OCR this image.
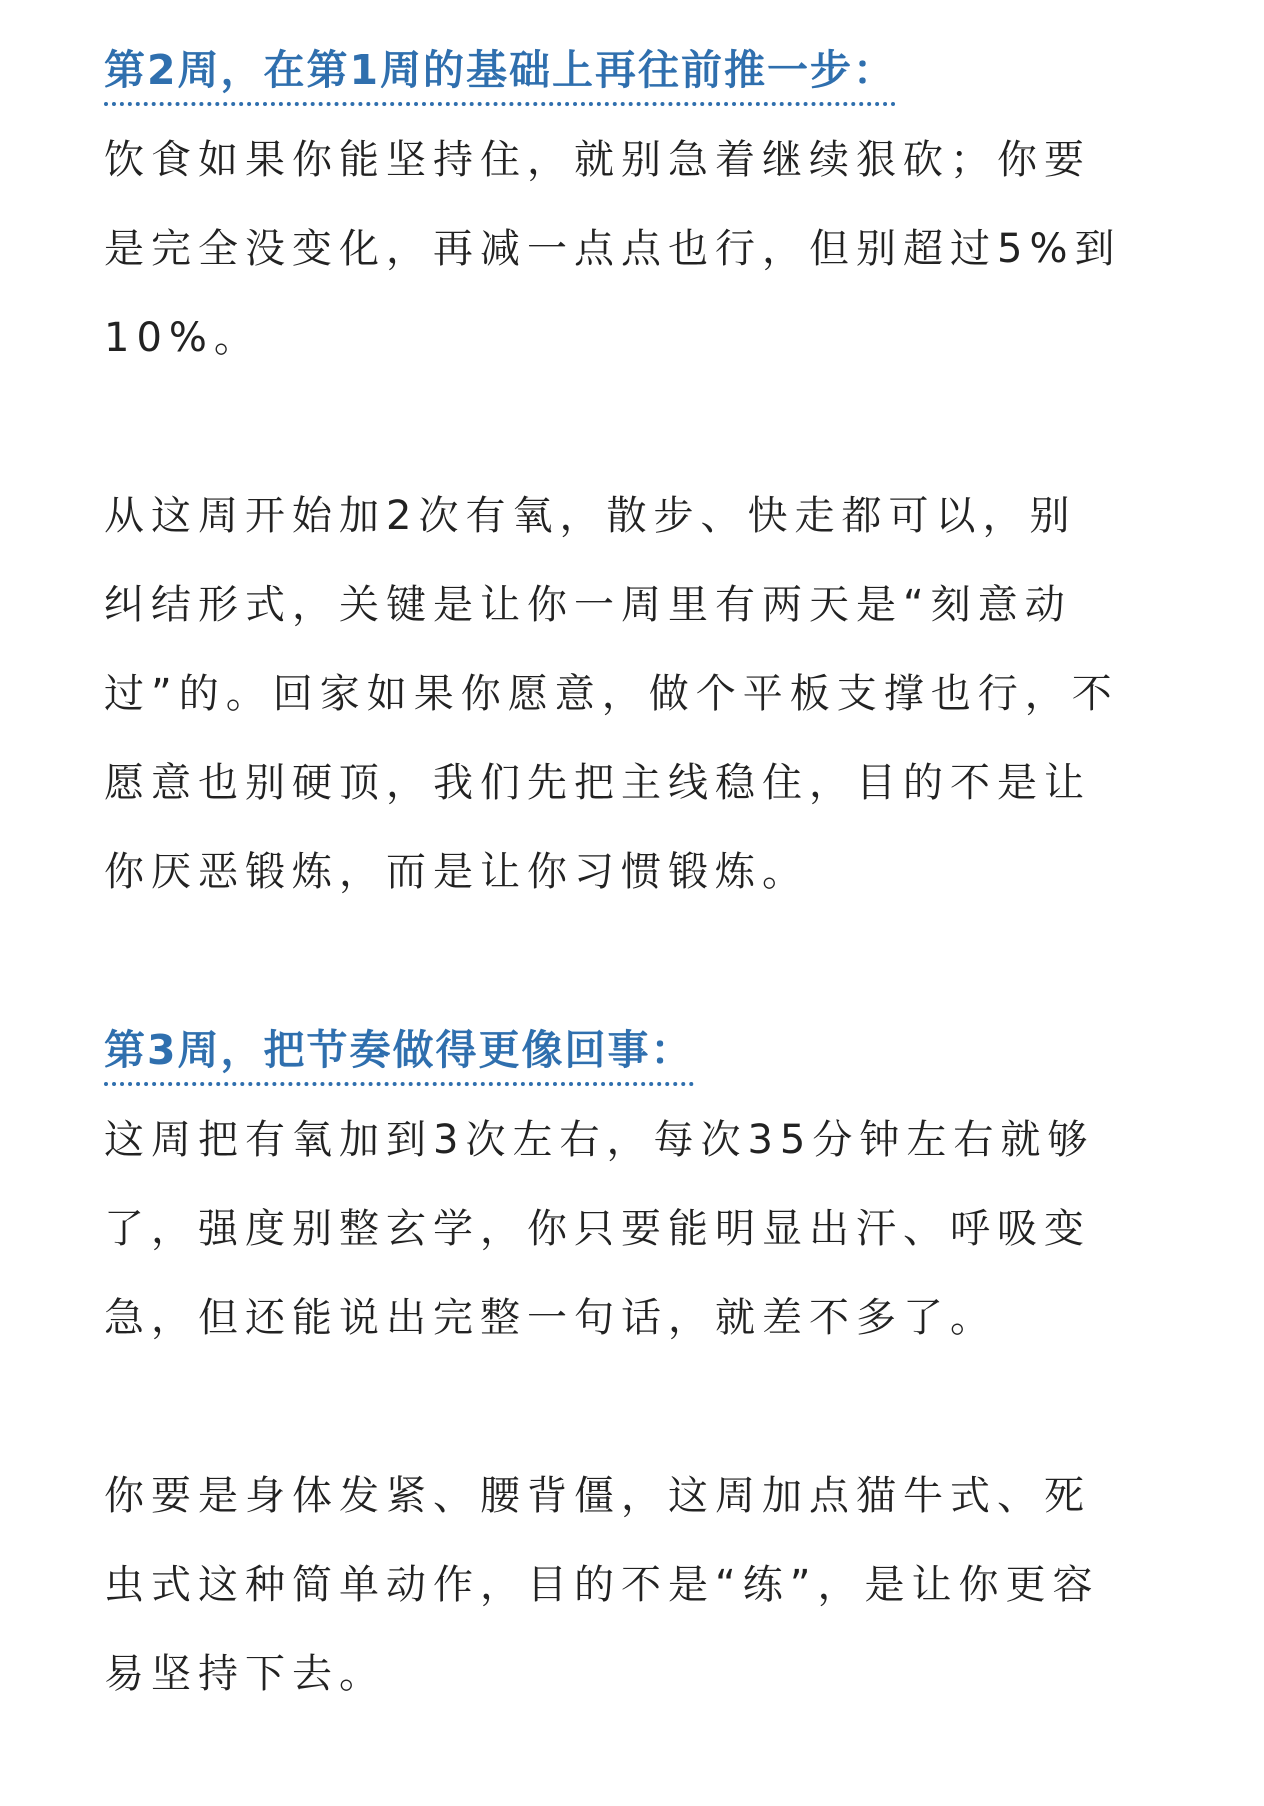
第2周，在第1周的基础上再往前推一步：

饮食如果你能坚持住，就别急着继续狠砍；你要
是完全没变化，再减一点点也行，但别超过5%到
10%。

从这周开始加2次有氧，散步、快走都可以，别
纠结形式，关键是让你一周里有两天是“刻意动
过”的。回家如果你愿意，做个平板支撑也行，不
愿意也别硬顶，我们先把主线稳住，目的不是让
你厌恶锻炼，而是让你习惯锻炼。

第3周，把节奏做得更像回事：

这周把有氧加到3次左右，每次35分钟左右就够
了，强度别整玄学，你只要能明显出汗、呼吸变
急，但还能说出完整一句话，就差不多了。

你要是身体发紧、腰背僵，这周加点猫牛式、死
虫式这种简单动作，目的不是“练”，是让你更容
易坚持下去。
